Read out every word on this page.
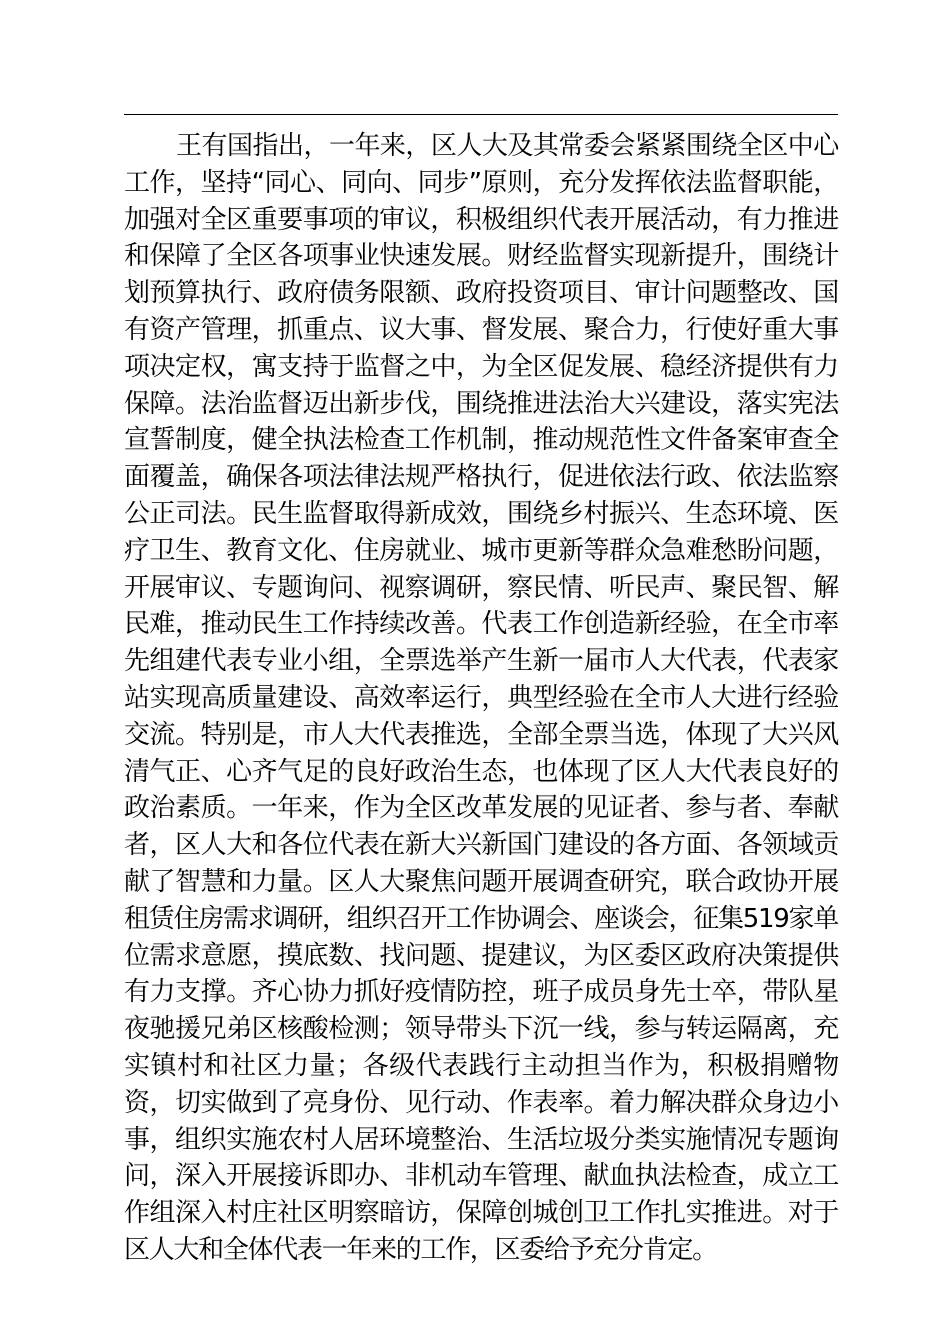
王有国指出，一年来，区人大及其常委会紧紧围绕全区中心工作，坚持“同心、同向、同步”原则，充分发挥依法监督职能，加强对全区重要事项的审议，积极组织代表开展活动，有力推进和保障了全区各项事业快速发展。财经监督实现新提升，围绕计划预算执行、政府债务限额、政府投资项目、审计问题整改、国有资产管理，抓重点、议大事、督发展、聚合力，行使好重大事项决定权，寓支持于监督之中，为全区促发展、稳经济提供有力保障。法治监督迈出新步伐，围绕推进法治大兴建设，落实宪法宣誓制度，健全执法检查工作机制，推动规范性文件备案审查全面覆盖，确保各项法律法规严格执行，促进依法行政、依法监察公正司法。民生监督取得新成效，围绕乡村振兴、生态环境、医疗卫生、教育文化、住房就业、城市更新等群众急难愁盼问题，开展审议、专题询问、视察调研，察民情、听民声、聚民智、解民难，推动民生工作持续改善。代表工作创造新经验，在全市率先组建代表专业小组，全票选举产生新一届市人大代表，代表家站实现高质量建设、高效率运行，典型经验在全市人大进行经验交流。特别是，市人大代表推选，全部全票当选，体现了大兴风清气正、心齐气足的良好政治生态，也体现了区人大代表良好的政治素质。一年来，作为全区改革发展的见证者、参与者、奉献者，区人大和各位代表在新大兴新国门建设的各方面、各领域贡献了智慧和力量。区人大聚焦问题开展调查研究，联合政协开展租赁住房需求调研，组织召开工作协调会、座谈会，征集519家单位需求意愿，摸底数、找问题、提建议，为区委区政府决策提供有力支撑。齐心协力抓好疫情防控，班子成员身先士卒，带队星夜驰援兄弟区核酸检测；领导带头下沉一线，参与转运隔离，充实镇村和社区力量；各级代表践行主动担当作为，积极捐赠物资，切实做到了亮身份、见行动、作表率。着力解决群众身边小事，组织实施农村人居环境整治、生活垃圾分类实施情况专题询问，深入开展接诉即办、非机动车管理、献血执法检查，成立工作组深入村庄社区明察暗访，保障创城创卫工作扎实推进。对于区人大和全体代表一年来的工作，区委给予充分肯定。
